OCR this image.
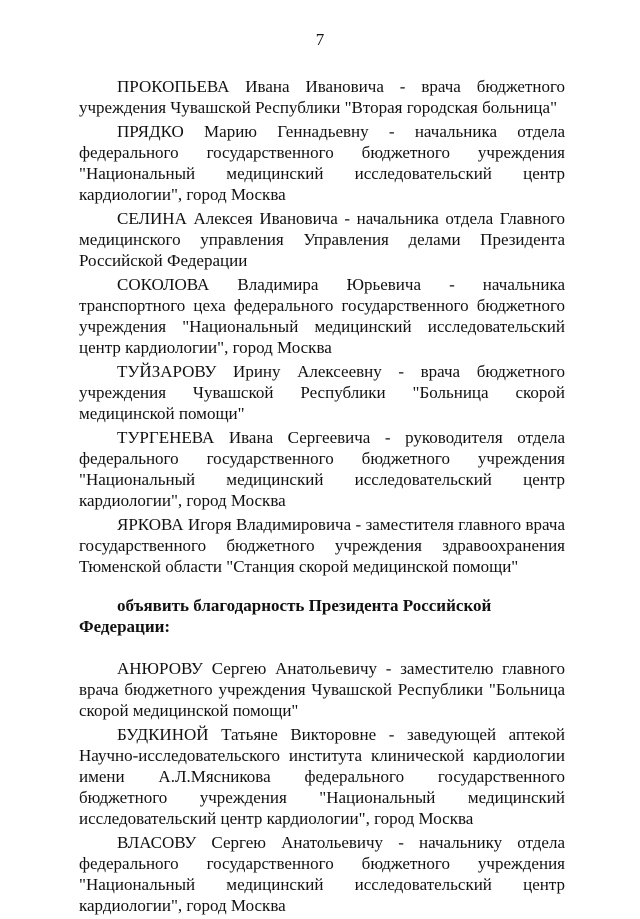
7

ПРОКОПЬЕВА Ивана Ивановича - врача бюджетного учреждения Чувашской Республики "Вторая городская больница"

ПРЯДКО Марию Геннадьевну - начальника отдела федерального государственного бюджетного учреждения "Национальный медицинский исследовательский центр кардиологии", город Москва

СЕЛИНА Алексея Ивановича - начальника отдела Главного медицинского управления Управления делами Президента Российской Федерации

СОКОЛОВА Владимира Юрьевича - начальника транспортного цеха федерального государственного бюджетного учреждения "Национальный медицинский исследовательский центр кардиологии", город Москва

ТУЙЗАРОВУ Ирину Алексеевну - врача бюджетного учреждения Чувашской Республики "Больница скорой медицинской помощи"

ТУРГЕНЕВА Ивана Сергеевича - руководителя отдела федерального государственного бюджетного учреждения "Национальный медицинский исследовательский центр кардиологии", город Москва

ЯРКОВА Игоря Владимировича - заместителя главного врача государственного бюджетного учреждения здравоохранения Тюменской области "Станция скорой медицинской помощи"

объявить благодарность Президента Российской Федерации:

АНЮРОВУ Сергею Анатольевичу - заместителю главного врача бюджетного учреждения Чувашской Республики "Больница скорой медицинской помощи"

БУДКИНОЙ Татьяне Викторовне - заведующей аптекой Научно-исследовательского института клинической кардиологии имени А.Л.Мясникова федерального государственного бюджетного учреждения "Национальный медицинский исследовательский центр кардиологии", город Москва

ВЛАСОВУ Сергею Анатольевичу - начальнику отдела федерального государственного бюджетного учреждения "Национальный медицинский исследовательский центр кардиологии", город Москва
